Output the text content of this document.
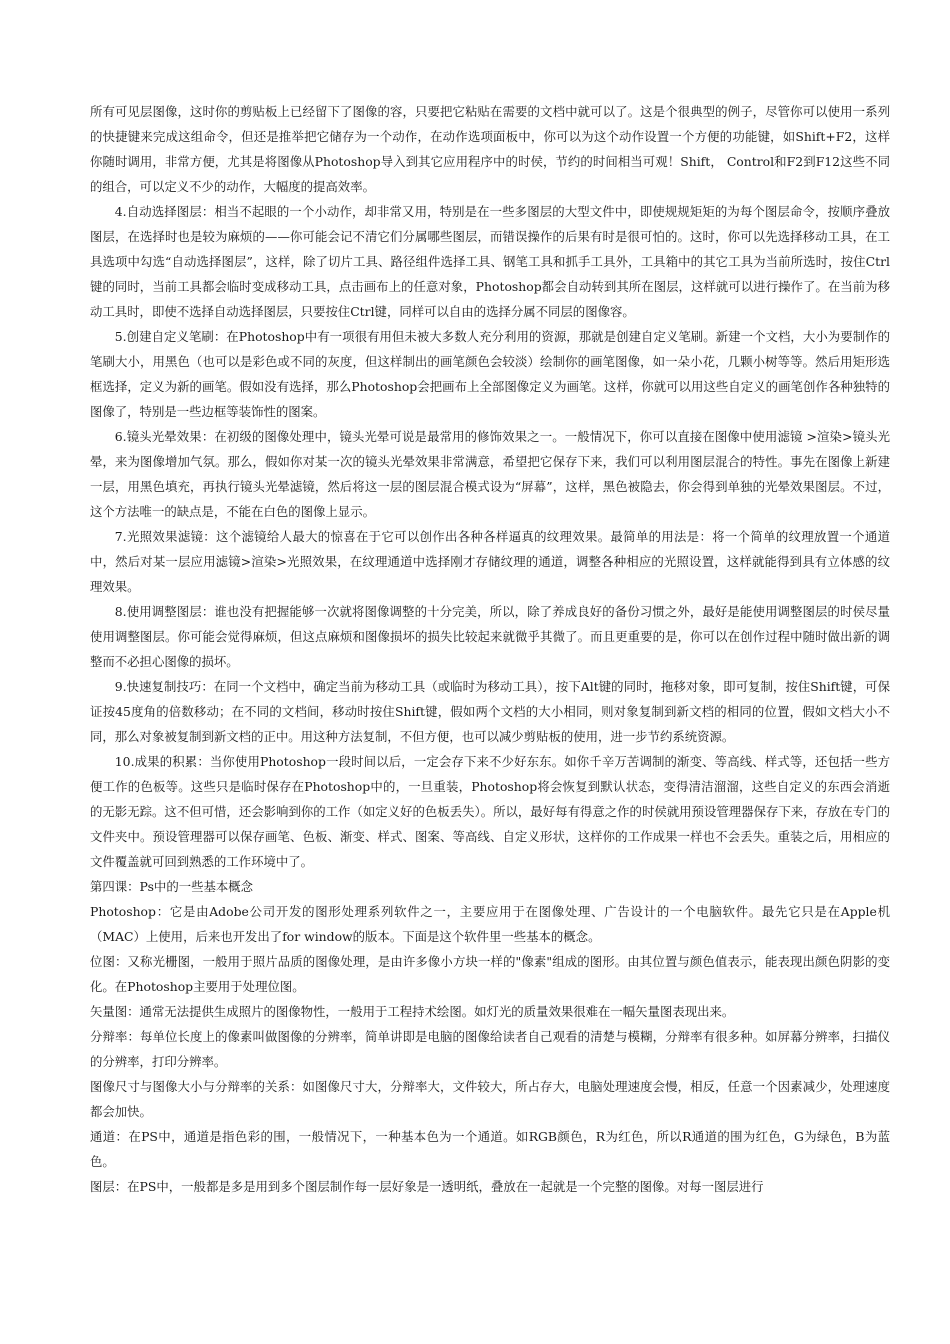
所有可见层图像，这时你的剪贴板上已经留下了图像的容，只要把它粘贴在需要的文档中就可以了。这是个很典型的例子，尽管你可以使用一系列的快捷键来完成这组命令，但还是推举把它储存为一个动作，在动作选项面板中，你可以为这个动作设置一个方便的功能键，如Shift+F2，这样你随时调用，非常方便，尤其是将图像从Photoshop导入到其它应用程序中的时侯，节约的时间相当可观！Shift， Control和F2到F12这些不同的组合，可以定义不少的动作，大幅度的提高效率。

4.自动选择图层：相当不起眼的一个小动作，却非常又用，特别是在一些多图层的大型文件中，即使规规矩矩的为每个图层命令，按顺序叠放图层，在选择时也是较为麻烦的——你可能会记不清它们分属哪些图层，而错误操作的后果有时是很可怕的。这时，你可以先选择移动工具，在工具选项中勾选“自动选择图层”，这样，除了切片工具、路径组件选择工具、钢笔工具和抓手工具外，工具箱中的其它工具为当前所选时，按住Ctrl键的同时，当前工具都会临时变成移动工具，点击画布上的任意对象，Photoshop都会自动转到其所在图层，这样就可以进行操作了。在当前为移动工具时，即使不选择自动选择图层，只要按住Ctrl键，同样可以自由的选择分属不同层的图像容。

5.创建自定义笔刷：在Photoshop中有一项很有用但未被大多数人充分利用的资源，那就是创建自定义笔刷。新建一个文档，大小为要制作的笔刷大小，用黑色（也可以是彩色或不同的灰度，但这样制出的画笔颜色会较淡）绘制你的画笔图像，如一朵小花，几颗小树等等。然后用矩形选框选择，定义为新的画笔。假如没有选择，那么Photoshop会把画布上全部图像定义为画笔。这样，你就可以用这些自定义的画笔创作各种独特的图像了，特别是一些边框等装饰性的图案。

6.镜头光晕效果：在初级的图像处理中，镜头光晕可说是最常用的修饰效果之一。一般情况下，你可以直接在图像中使用滤镜 >渲染>镜头光晕，来为图像增加气氛。那么，假如你对某一次的镜头光晕效果非常满意，希望把它保存下来，我们可以利用图层混合的特性。事先在图像上新建一层，用黑色填充，再执行镜头光晕滤镜，然后将这一层的图层混合模式设为“屏幕”，这样，黑色被隐去，你会得到单独的光晕效果图层。不过，这个方法唯一的缺点是，不能在白色的图像上显示。

7.光照效果滤镜：这个滤镜给人最大的惊喜在于它可以创作出各种各样逼真的纹理效果。最简单的用法是：将一个简单的纹理放置一个通道中，然后对某一层应用滤镜>渲染>光照效果，在纹理通道中选择刚才存储纹理的通道，调整各种相应的光照设置，这样就能得到具有立体感的纹理效果。

8.使用调整图层：谁也没有把握能够一次就将图像调整的十分完美，所以，除了养成良好的备份习惯之外，最好是能使用调整图层的时侯尽量使用调整图层。你可能会觉得麻烦，但这点麻烦和图像损坏的损失比较起来就微乎其微了。而且更重要的是，你可以在创作过程中随时做出新的调整而不必担心图像的损坏。

9.快速复制技巧：在同一个文档中，确定当前为移动工具（或临时为移动工具），按下Alt键的同时，拖移对象，即可复制，按住Shift键，可保证按45度角的倍数移动；在不同的文档间，移动时按住Shift键，假如两个文档的大小相同，则对象复制到新文档的相同的位置，假如文档大小不同，那么对象被复制到新文档的正中。用这种方法复制，不但方便，也可以减少剪贴板的使用，进一步节约系统资源。

10.成果的积累：当你使用Photoshop一段时间以后，一定会存下来不少好东东。如你千辛万苦调制的渐变、等高线、样式等，还包括一些方便工作的色板等。这些只是临时保存在Photoshop中的，一旦重装，Photoshop将会恢复到默认状态，变得清洁溜溜，这些自定义的东西会消逝的无影无踪。这不但可惜，还会影响到你的工作（如定义好的色板丢失）。所以，最好每有得意之作的时侯就用预设管理器保存下来，存放在专门的文件夹中。预设管理器可以保存画笔、色板、渐变、样式、图案、等高线、自定义形状，这样你的工作成果一样也不会丢失。重装之后，用相应的文件覆盖就可回到熟悉的工作环境中了。

第四课：Ps中的一些基本概念

Photoshop：它是由Adobe公司开发的图形处理系列软件之一，主要应用于在图像处理、广告设计的一个电脑软件。最先它只是在Apple机（MAC）上使用，后来也开发出了for window的版本。下面是这个软件里一些基本的概念。

位图：又称光栅图，一般用于照片品质的图像处理，是由许多像小方块一样的"像素"组成的图形。由其位置与颜色值表示，能表现出颜色阴影的变化。在Photoshop主要用于处理位图。

矢量图：通常无法提供生成照片的图像物性，一般用于工程持术绘图。如灯光的质量效果很难在一幅矢量图表现出来。

分辩率：每单位长度上的像素叫做图像的分辨率，简单讲即是电脑的图像给读者自己观看的清楚与模糊，分辩率有很多种。如屏幕分辨率，扫描仪的分辨率，打印分辨率。

图像尺寸与图像大小与分辩率的关系：如图像尺寸大，分辩率大，文件较大，所占存大，电脑处理速度会慢，相反，任意一个因素减少，处理速度都会加快。

通道：在PS中，通道是指色彩的围，一般情况下，一种基本色为一个通道。如RGB颜色，R为红色，所以R通道的围为红色，G为绿色，B为蓝色。

图层：在PS中，一般都是多是用到多个图层制作每一层好象是一透明纸，叠放在一起就是一个完整的图像。对每一图层进行
